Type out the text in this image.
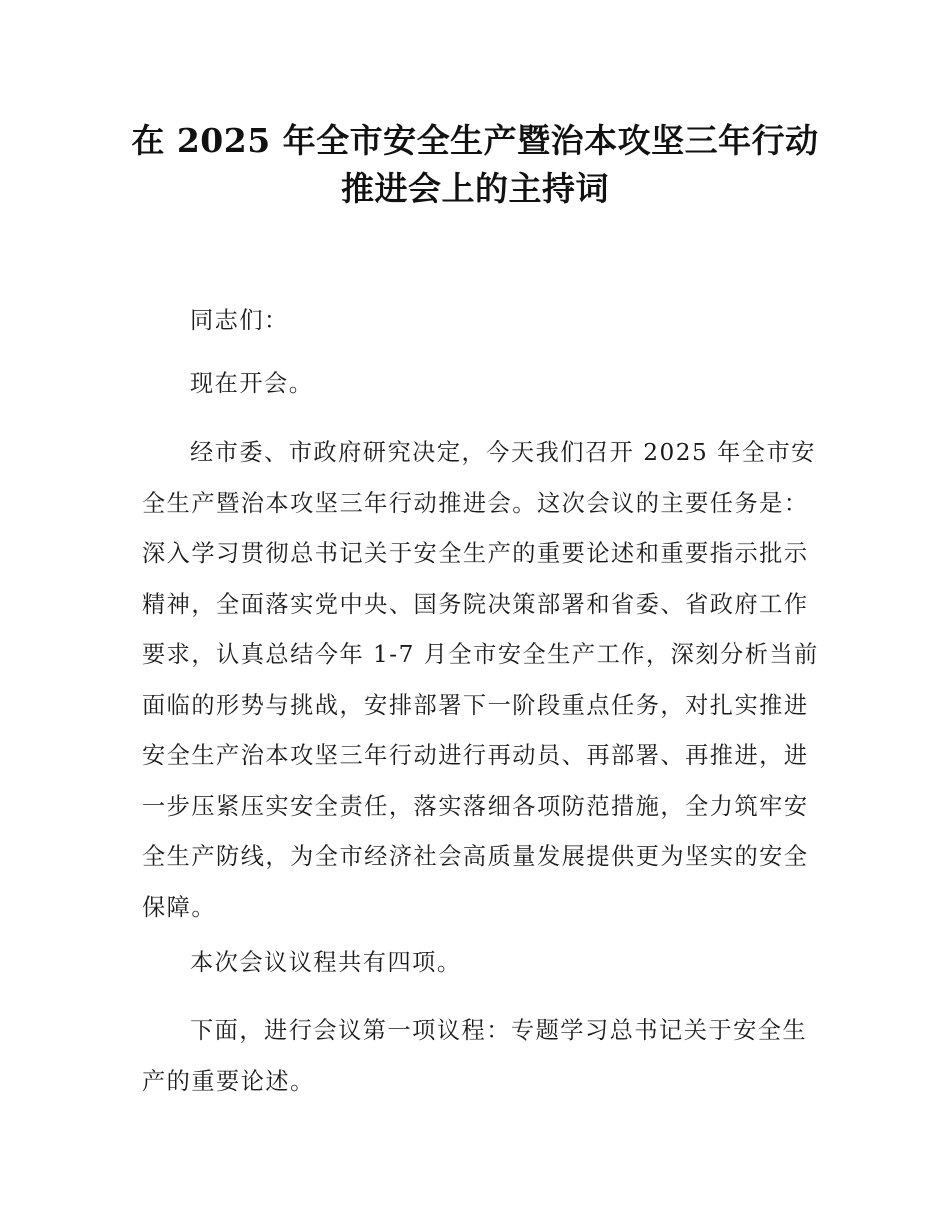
在 2025 年全市安全生产暨治本攻坚三年行动
推进会上的主持词
同志们：
现在开会。
经市委、市政府研究决定，今天我们召开 2025 年全市安
全生产暨治本攻坚三年行动推进会。这次会议的主要任务是：
深入学习贯彻总书记关于安全生产的重要论述和重要指示批示
精神，全面落实党中央、国务院决策部署和省委、省政府工作
要求，认真总结今年 1-7 月全市安全生产工作，深刻分析当前
面临的形势与挑战，安排部署下一阶段重点任务，对扎实推进
安全生产治本攻坚三年行动进行再动员、再部署、再推进，进
一步压紧压实安全责任，落实落细各项防范措施，全力筑牢安
全生产防线，为全市经济社会高质量发展提供更为坚实的安全
保障。
本次会议议程共有四项。
下面，进行会议第一项议程：专题学习总书记关于安全生
产的重要论述。
